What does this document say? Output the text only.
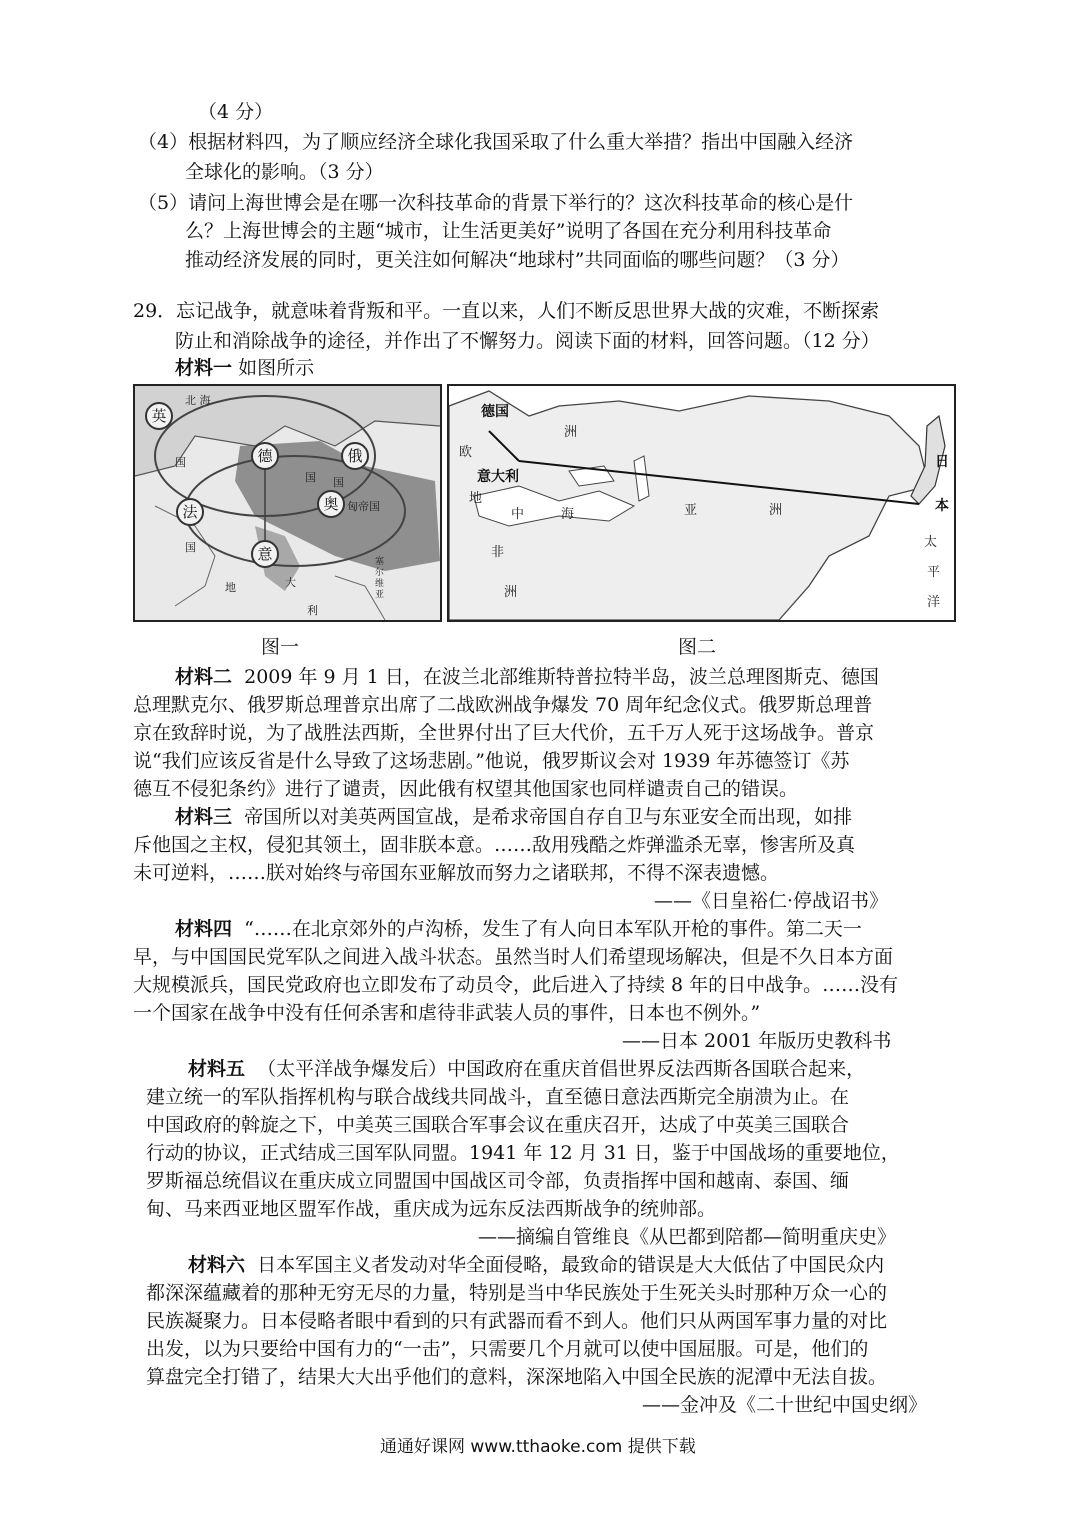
（4 分）
（4）根据材料四，为了顺应经济全球化我国采取了什么重大举措？指出中国融入经济
全球化的影响。（3 分）
（5）请问上海世博会是在哪一次科技革命的背景下举行的？这次科技革命的核心是什
么？上海世博会的主题“城市，让生活更美好”说明了各国在充分利用科技革命
推动经济发展的同时，更关注如何解决“地球村”共同面临的哪些问题？（3 分）
29．忘记战争，就意味着背叛和平。一直以来，人们不断反思世界大战的灾难，不断探索
防止和消除战争的途径，并作出了不懈努力。阅读下面的材料，回答问题。（12 分）
材料一 如图所示
英
德	俄
奥
法
意
北 海
国
国 国
匈帝国
国
大
利
地
塞尔维亚
图一
德国
意大利
日
本
欧
洲
地
中	海	亚	洲
非
洲
太
平
洋
图二
材料二 2009 年 9 月 1 日，在波兰北部维斯特普拉特半岛，波兰总理图斯克、德国
总理默克尔、俄罗斯总理普京出席了二战欧洲战争爆发 70 周年纪念仪式。俄罗斯总理普
京在致辞时说，为了战胜法西斯，全世界付出了巨大代价，五千万人死于这场战争。普京
说“我们应该反省是什么导致了这场悲剧。”他说，俄罗斯议会对 1939 年苏德签订《苏
德互不侵犯条约》进行了谴责，因此俄有权望其他国家也同样谴责自己的错误。
材料三 帝国所以对美英两国宣战，是希求帝国自存自卫与东亚安全而出现，如排
斥他国之主权，侵犯其领土，固非朕本意。……敌用残酷之炸弹滥杀无辜，惨害所及真
未可逆料，……朕对始终与帝国东亚解放而努力之诸联邦，不得不深表遗憾。
——《日皇裕仁·停战诏书》
材料四 “……在北京郊外的卢沟桥，发生了有人向日本军队开枪的事件。第二天一
早，与中国国民党军队之间进入战斗状态。虽然当时人们希望现场解决，但是不久日本方面
大规模派兵，国民党政府也立即发布了动员令，此后进入了持续 8 年的日中战争。……没有
一个国家在战争中没有任何杀害和虐待非武装人员的事件，日本也不例外。”
——日本 2001 年版历史教科书
材料五 （太平洋战争爆发后）中国政府在重庆首倡世界反法西斯各国联合起来，
建立统一的军队指挥机构与联合战线共同战斗，直至德日意法西斯完全崩溃为止。在
中国政府的斡旋之下，中美英三国联合军事会议在重庆召开，达成了中英美三国联合
行动的协议，正式结成三国军队同盟。1941 年 12 月 31 日，鉴于中国战场的重要地位，
罗斯福总统倡议在重庆成立同盟国中国战区司令部，负责指挥中国和越南、泰国、缅
甸、马来西亚地区盟军作战，重庆成为远东反法西斯战争的统帅部。
——摘编自管维良《从巴都到陪都—简明重庆史》
材料六 日本军国主义者发动对华全面侵略，最致命的错误是大大低估了中国民众内
都深深蕴藏着的那种无穷无尽的力量，特别是当中华民族处于生死关头时那种万众一心的
民族凝聚力。日本侵略者眼中看到的只有武器而看不到人。他们只从两国军事力量的对比
出发，以为只要给中国有力的“一击”，只需要几个月就可以使中国屈服。可是，他们的
算盘完全打错了，结果大大出乎他们的意料，深深地陷入中国全民族的泥潭中无法自拔。
——金冲及《二十世纪中国史纲》
通通好课网 www.tthaoke.com 提供下载
